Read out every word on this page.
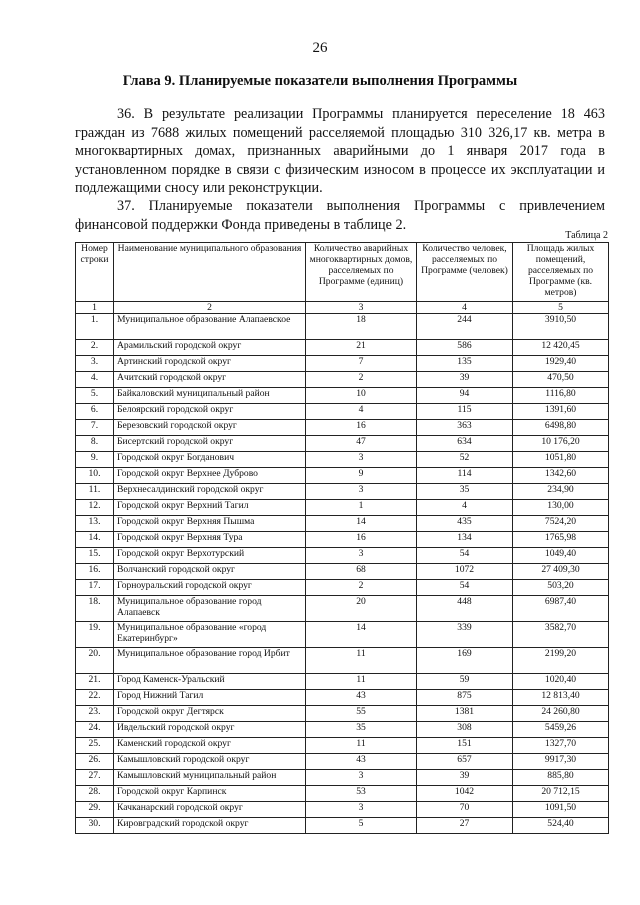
26
Глава 9. Планируемые показатели выполнения Программы

36. В результате реализации Программы планируется переселение 18 463 граждан из 7688 жилых помещений расселяемой площадью 310 326,17 кв. метра в многоквартирных домах, признанных аварийными до 1 января 2017 года в установленном порядке в связи с физическим износом в процессе их эксплуатации и подлежащими сносу или реконструкции.

37. Планируемые показатели выполнения Программы с привлечением финансовой поддержки Фонда приведены в таблице 2.

Таблица 2
Номер строки	Наименование муниципального образования	Количество аварийных многоквартирных домов, расселяемых по Программе (единиц)	Количество человек, расселяемых по Программе (человек)	Площадь жилых помещений, расселяемых по Программе (кв. метров)
1	2	3	4	5
1.	Муниципальное образование Алапаевское	18	244	3910,50
2.	Арамильский городской округ	21	586	12 420,45
3.	Артинский городской округ	7	135	1929,40
4.	Ачитский городской округ	2	39	470,50
5.	Байкаловский муниципальный район	10	94	1116,80
6.	Белоярский городской округ	4	115	1391,60
7.	Березовский городской округ	16	363	6498,80
8.	Бисертский городской округ	47	634	10 176,20
9.	Городской округ Богданович	3	52	1051,80
10.	Городской округ Верхнее Дуброво	9	114	1342,60
11.	Верхнесалдинский городской округ	3	35	234,90
12.	Городской округ Верхний Тагил	1	4	130,00
13.	Городской округ Верхняя Пышма	14	435	7524,20
14.	Городской округ Верхняя Тура	16	134	1765,98
15.	Городской округ Верхотурский	3	54	1049,40
16.	Волчанский городской округ	68	1072	27 409,30
17.	Горноуральский городской округ	2	54	503,20
18.	Муниципальное образование город Алапаевск	20	448	6987,40
19.	Муниципальное образование «город Екатеринбург»	14	339	3582,70
20.	Муниципальное образование город Ирбит	11	169	2199,20
21.	Город Каменск-Уральский	11	59	1020,40
22.	Город Нижний Тагил	43	875	12 813,40
23.	Городской округ Дегтярск	55	1381	24 260,80
24.	Ивдельский городской округ	35	308	5459,26
25.	Каменский городской округ	11	151	1327,70
26.	Камышловский городской округ	43	657	9917,30
27.	Камышловский муниципальный район	3	39	885,80
28.	Городской округ Карпинск	53	1042	20 712,15
29.	Качканарский городской округ	3	70	1091,50
30.	Кировградский городской округ	5	27	524,40
